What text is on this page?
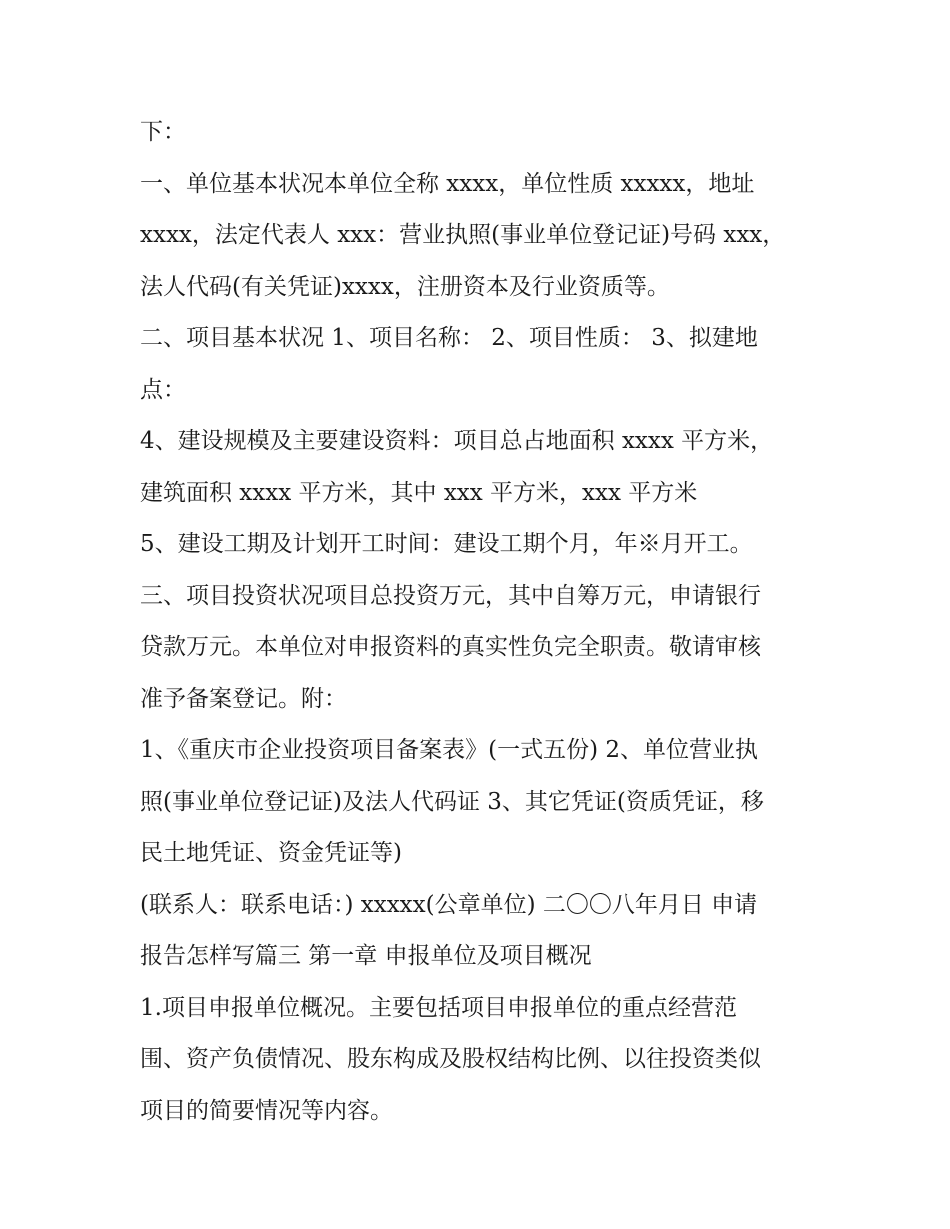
下：
一、单位基本状况本单位全称 xxxx，单位性质 xxxxx，地址
xxxx，法定代表人 xxx：营业执照(事业单位登记证)号码 xxx，
法人代码(有关凭证)xxxx，注册资本及行业资质等。
二、项目基本状况 1、项目名称： 2、项目性质： 3、拟建地
点：
4、建设规模及主要建设资料：项目总占地面积 xxxx 平方米，
建筑面积 xxxx 平方米，其中 xxx 平方米，xxx 平方米
5、建设工期及计划开工时间：建设工期个月，年※月开工。
三、项目投资状况项目总投资万元，其中自筹万元，申请银行
贷款万元。本单位对申报资料的真实性负完全职责。敬请审核
准予备案登记。附：
1、《重庆市企业投资项目备案表》(一式五份) 2、单位营业执
照(事业单位登记证)及法人代码证 3、其它凭证(资质凭证，移
民土地凭证、资金凭证等)
(联系人：联系电话：) xxxxx(公章单位) 二〇〇八年月日 申请
报告怎样写篇三 第一章 申报单位及项目概况
1.项目申报单位概况。主要包括项目申报单位的重点经营范
围、资产负债情况、股东构成及股权结构比例、以往投资类似
项目的简要情况等内容。
